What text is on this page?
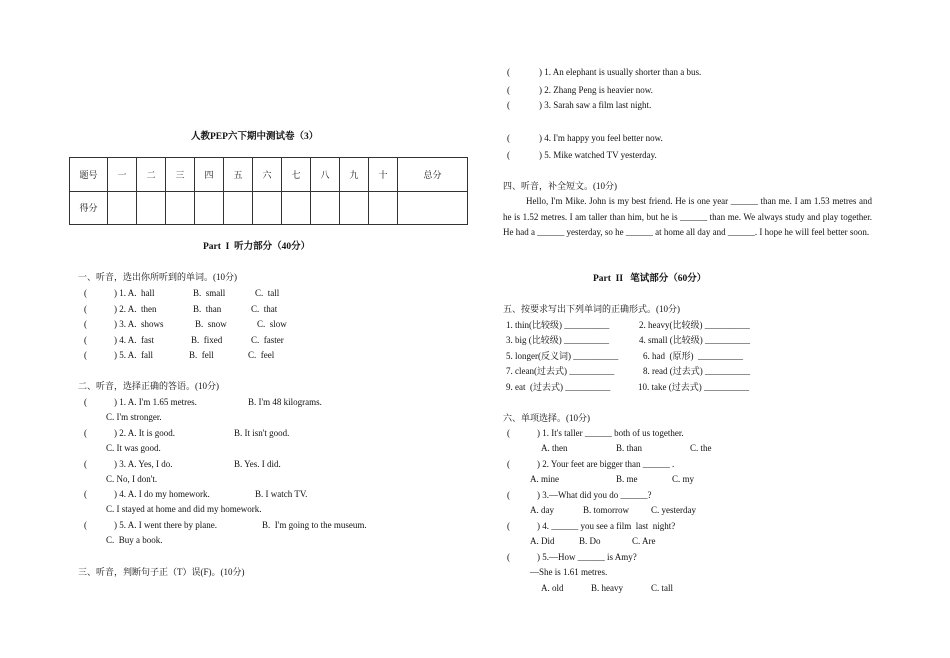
人教PEP六下期中测试卷（3）
题号	一	二	三	四	五	六	七	八	九	十	总分
得分											
Part  I  听力部分（40分）
一、听音，选出你所听到的单词。(10分)
(	) 1. A.  hall	B.  small	C.  tall
(	) 2. A.  then	B.  than	C.  that
(	) 3. A.  shows	B.  snow	C.  slow
(	) 4. A.  fast	B.  fixed	C.  faster
(	) 5. A.  fall	B.  fell	C.  feel
二、听音，选择正确的答语。(10分)
(	) 1. A. I'm 1.65 metres.	B. I'm 48 kilograms.
C. I'm stronger.
(	) 2. A. It is good.	B. It isn't good.
C. It was good.
(	) 3. A. Yes, I do.	B. Yes. I did.
C. No, I don't.
(	) 4. A. I do my homework.	B. I watch TV.
C. I stayed at home and did my homework.
(	) 5. A. I went there by plane.	B.  I'm going to the museum.
C.  Buy a book.
三、听音，判断句子正（T）误(F)。(10分)
(	) 1. An elephant is usually shorter than a bus.
(	) 2. Zhang Peng is heavier now.
(	) 3. Sarah saw a film last night.
(	) 4. I'm happy you feel better now.
(	) 5. Mike watched TV yesterday.
四、听音，补全短文。(10分)
Hello, I'm Mike. John is my best friend. He is one year ______ than me. I am 1.53 metres and he is 1.52 metres. I am taller than him, but he is ______ than me. We always study and play together. He had a ______ yesterday, so he ______ at home all day and ______. I hope he will feel better soon.
Part  II   笔试部分（60分）
五、按要求写出下列单词的正确形式。(10分)
1. thin(比较级) __________	2. heavy(比较级) __________
3. big (比较级) __________	4. small (比较级) __________
5. longer(反义词) __________	6. had  (原形)  __________
7. clean(过去式) __________	8. read (过去式) __________
9. eat  (过去式) __________	10. take (过去式) __________
六、单项选择。(10分)
(	) 1. It's taller ______ both of us together.
A. then	B. than	C. the
(	) 2. Your feet are bigger than ______ .
A. mine	B. me	C. my
(	) 3.—What did you do ______?
A. day	B. tomorrow C. yesterday
(	) 4. ______ you see a film  last  night?
A. Did	B. Do	C. Are
(	) 5.—How ______ is Amy?
—She is 1.61 metres.
A. old	B. heavy	C. tall
